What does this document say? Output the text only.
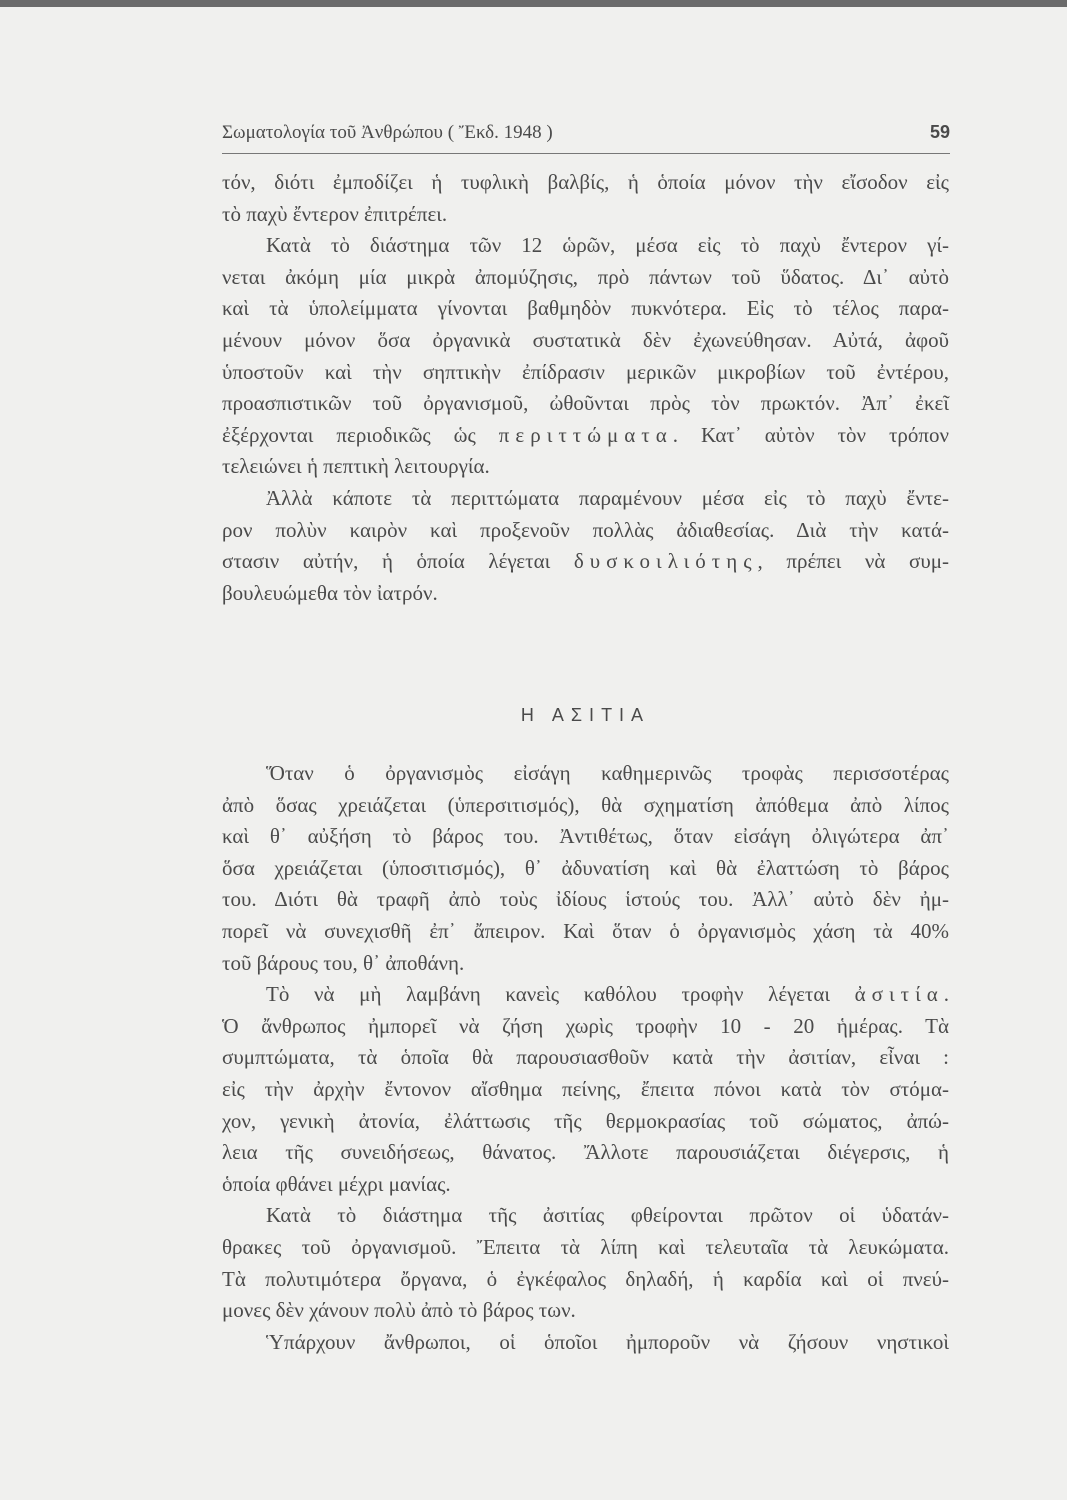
Σωματολογία τοῦ Ἀνθρώπου ( Ἔκδ. 1948 )	59
τόν, διότι ἐμποδίζει ἡ τυφλικὴ βαλβίς, ἡ ὁποία μόνον τὴν εἴσοδον εἰς
τὸ παχὺ ἔντερον ἐπιτρέπει.
Κατὰ τὸ διάστημα τῶν 12 ὡρῶν, μέσα εἰς τὸ παχὺ ἔντερον γί-
νεται ἀκόμη μία μικρὰ ἀπομύζησις, πρὸ πάντων τοῦ ὕδατος. Δι᾽ αὐτὸ
καὶ τὰ ὑπολείμματα γίνονται βαθμηδὸν πυκνότερα. Εἰς τὸ τέλος παρα-
μένουν μόνον ὅσα ὀργανικὰ συστατικὰ δὲν ἐχωνεύθησαν. Αὐτά, ἀφοῦ
ὑποστοῦν καὶ τὴν σηπτικὴν ἐπίδρασιν μερικῶν μικροβίων τοῦ ἐντέρου,
προασπιστικῶν τοῦ ὀργανισμοῦ, ὠθοῦνται πρὸς τὸν πρωκτόν. Ἀπ᾽ ἐκεῖ
ἐξέρχονται περιοδικῶς ὡς περιττώματα. Κατ᾽ αὐτὸν τὸν τρόπον
τελειώνει ἡ πεπτικὴ λειτουργία.
Ἀλλὰ κάποτε τὰ περιττώματα παραμένουν μέσα εἰς τὸ παχὺ ἔντε-
ρον πολὺν καιρὸν καὶ προξενοῦν πολλὰς ἀδιαθεσίας. Διὰ τὴν κατά-
στασιν αὐτήν, ἡ ὁποία λέγεται δυσκοιλιότης, πρέπει νὰ συμ-
βουλευώμεθα τὸν ἰατρόν.
Η ΑΣΙΤΙΑ
Ὅταν ὁ ὀργανισμὸς εἰσάγη καθημερινῶς τροφὰς περισσοτέρας
ἀπὸ ὅσας χρειάζεται (ὑπερσιτισμός), θὰ σχηματίση ἀπόθεμα ἀπὸ λίπος
καὶ θ᾽ αὐξήση τὸ βάρος του. Ἀντιθέτως, ὅταν εἰσάγη ὀλιγώτερα ἀπ᾽
ὅσα χρειάζεται (ὑποσιτισμός), θ᾽ ἀδυνατίση καὶ θὰ ἐλαττώση τὸ βάρος
του. Διότι θὰ τραφῆ ἀπὸ τοὺς ἰδίους ἱστούς του. Ἀλλ᾽ αὐτὸ δὲν ἠμ-
πορεῖ νὰ συνεχισθῆ ἐπ᾽ ἄπειρον. Καὶ ὅταν ὁ ὀργανισμὸς χάση τὰ 40%
τοῦ βάρους του, θ᾽ ἀποθάνη.
Τὸ νὰ μὴ λαμβάνη κανεὶς καθόλου τροφὴν λέγεται ἀσιτία.
Ὁ ἄνθρωπος ἠμπορεῖ νὰ ζήση χωρὶς τροφὴν 10 - 20 ἡμέρας. Τὰ
συμπτώματα, τὰ ὁποῖα θὰ παρουσιασθοῦν κατὰ τὴν ἀσιτίαν, εἶναι :
εἰς τὴν ἀρχὴν ἔντονον αἴσθημα πείνης, ἔπειτα πόνοι κατὰ τὸν στόμα-
χον, γενικὴ ἀτονία, ἐλάττωσις τῆς θερμοκρασίας τοῦ σώματος, ἀπώ-
λεια τῆς συνειδήσεως, θάνατος. Ἄλλοτε παρουσιάζεται διέγερσις, ἡ
ὁποία φθάνει μέχρι μανίας.
Κατὰ τὸ διάστημα τῆς ἀσιτίας φθείρονται πρῶτον οἱ ὑδατάν-
θρακες τοῦ ὀργανισμοῦ. Ἔπειτα τὰ λίπη καὶ τελευταῖα τὰ λευκώματα.
Τὰ πολυτιμότερα ὄργανα, ὁ ἐγκέφαλος δηλαδή, ἡ καρδία καὶ οἱ πνεύ-
μονες δὲν χάνουν πολὺ ἀπὸ τὸ βάρος των.
Ὑπάρχουν ἄνθρωποι, οἱ ὁποῖοι ἠμποροῦν νὰ ζήσουν νηστικοὶ
